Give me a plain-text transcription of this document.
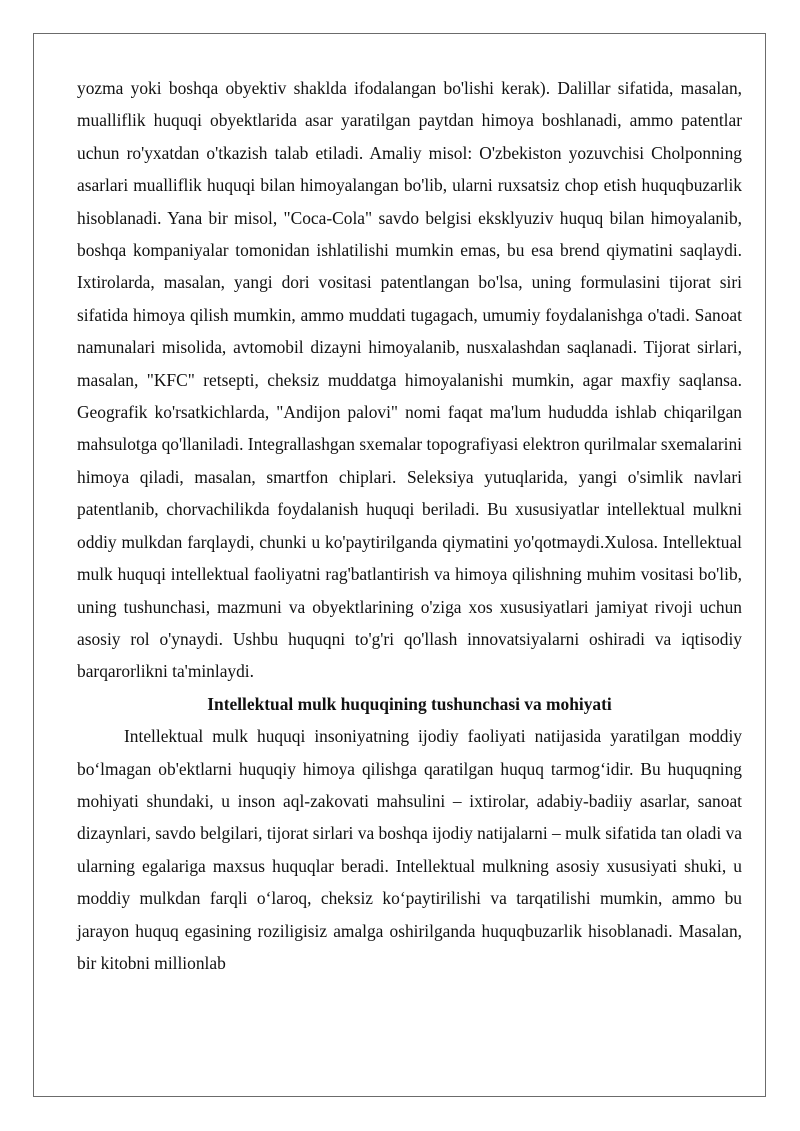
yozma yoki boshqa obyektiv shaklda ifodalangan bo'lishi kerak). Dalillar sifatida, masalan, mualliflik huquqi obyektlarida asar yaratilgan paytdan himoya boshlanadi, ammo patentlar uchun ro'yxatdan o'tkazish talab etiladi. Amaliy misol: O'zbekiston yozuvchisi Cholponning asarlari mualliflik huquqi bilan himoyalangan bo'lib, ularni ruxsatsiz chop etish huquqbuzarlik hisoblanadi. Yana bir misol, "Coca-Cola" savdo belgisi eksklyuziv huquq bilan himoyalanib, boshqa kompaniyalar tomonidan ishlatilishi mumkin emas, bu esa brend qiymatini saqlaydi. Ixtirolarda, masalan, yangi dori vositasi patentlangan bo'lsa, uning formulasini tijorat siri sifatida himoya qilish mumkin, ammo muddati tugagach, umumiy foydalanishga o'tadi. Sanoat namunalari misolida, avtomobil dizayni himoyalanib, nusxalashdan saqlanadi. Tijorat sirlari, masalan, "KFC" retsepti, cheksiz muddatga himoyalanishi mumkin, agar maxfiy saqlansa. Geografik ko'rsatkichlarda, "Andijon palovi" nomi faqat ma'lum hududda ishlab chiqarilgan mahsulotga qo'llaniladi. Integrallashgan sxemalar topografiyasi elektron qurilmalar sxemalarini himoya qiladi, masalan, smartfon chiplari. Seleksiya yutuqlarida, yangi o'simlik navlari patentlanib, chorvachilikda foydalanish huquqi beriladi. Bu xususiyatlar intellektual mulkni oddiy mulkdan farqlaydi, chunki u ko'paytirilganda qiymatini yo'qotmaydi.Xulosa. Intellektual mulk huquqi intellektual faoliyatni rag'batlantirish va himoya qilishning muhim vositasi bo'lib, uning tushunchasi, mazmuni va obyektlarining o'ziga xos xususiyatlari jamiyat rivoji uchun asosiy rol o'ynaydi. Ushbu huquqni to'g'ri qo'llash innovatsiyalarni oshiradi va iqtisodiy barqarorlikni ta'minlaydi.

Intellektual mulk huquqining tushunchasi va mohiyati

Intellektual mulk huquqi insoniyatning ijodiy faoliyati natijasida yaratilgan moddiy bo‘lmagan ob'ektlarni huquqiy himoya qilishga qaratilgan huquq tarmog‘idir. Bu huquqning mohiyati shundaki, u inson aql-zakovati mahsulini – ixtirolar, adabiy-badiiy asarlar, sanoat dizaynlari, savdo belgilari, tijorat sirlari va boshqa ijodiy natijalarni – mulk sifatida tan oladi va ularning egalariga maxsus huquqlar beradi. Intellektual mulkning asosiy xususiyati shuki, u moddiy mulkdan farqli o‘laroq, cheksiz ko‘paytirilishi va tarqatilishi mumkin, ammo bu jarayon huquq egasining roziligisiz amalga oshirilganda huquqbuzarlik hisoblanadi. Masalan, bir kitobni millionlab
